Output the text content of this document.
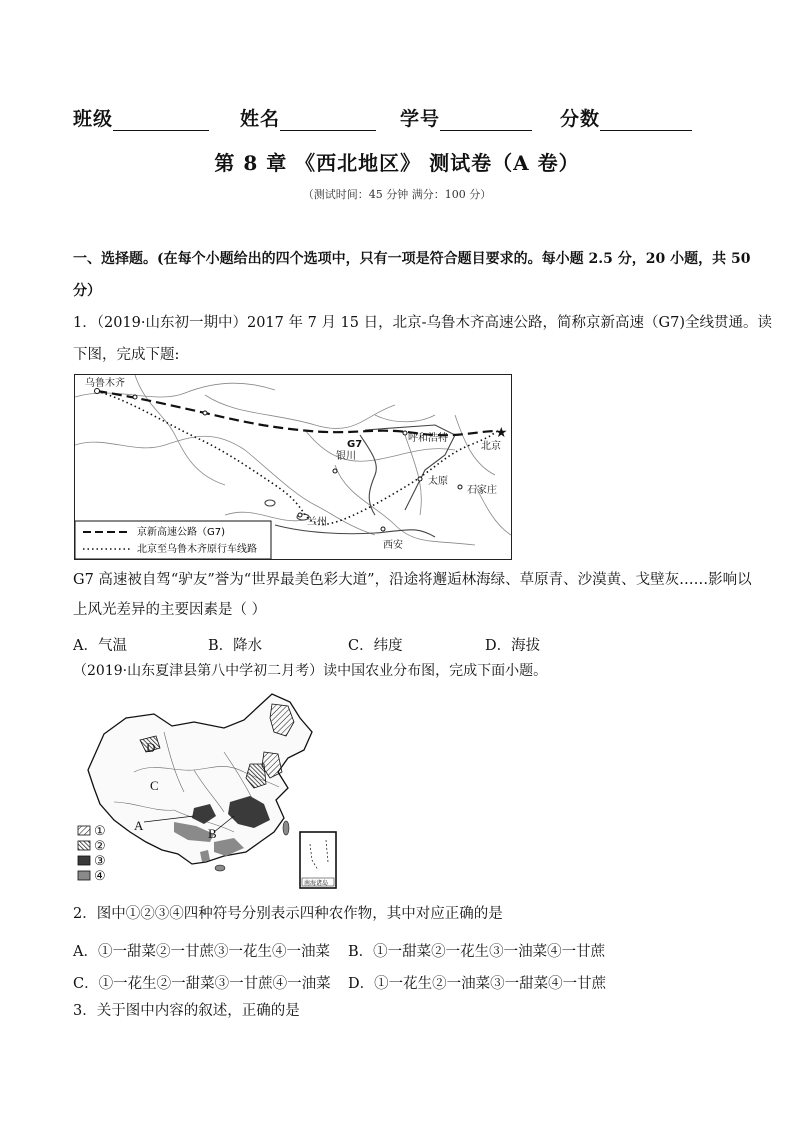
班级	姓名	学号	分数
第 8 章 《西北地区》 测试卷（A 卷）
（测试时间：45 分钟 满分：100 分）
一、选择题。(在每个小题给出的四个选项中，只有一项是符合题目要求的。每小题 2.5 分，20 小题，共 50
分）
1．（2019·山东初一期中）2017 年 7 月 15 日，北京-乌鲁木齐高速公路，简称京新高速（G7)全线贯通。读
下图，完成下题:
★
乌鲁木齐
G7
呼和浩特
北京
银川
太原
石家庄
兰州
西安
京新高速公路（G7)
北京至乌鲁木齐原行车线路
G7 高速被自驾“驴友”誉为“世界最美色彩大道”，沿途将邂逅林海绿、草原青、沙漠黄、戈壁灰……影响以
上风光差异的主要因素是（ ）
A．气温	B．降水	C．纬度	D．海拔
（2019·山东夏津县第八中学初二月考）读中国农业分布图，完成下面小题。
D
C
A
B
①
②
③
④
南海诸岛
2．图中①②③④四种符号分别表示四种农作物，其中对应正确的是
A．①一甜菜②一甘蔗③一花生④一油菜 B．①一甜菜②一花生③一油菜④一甘蔗
C．①一花生②一甜菜③一甘蔗④一油菜 D．①一花生②一油菜③一甜菜④一甘蔗
3．关于图中内容的叙述，正确的是
